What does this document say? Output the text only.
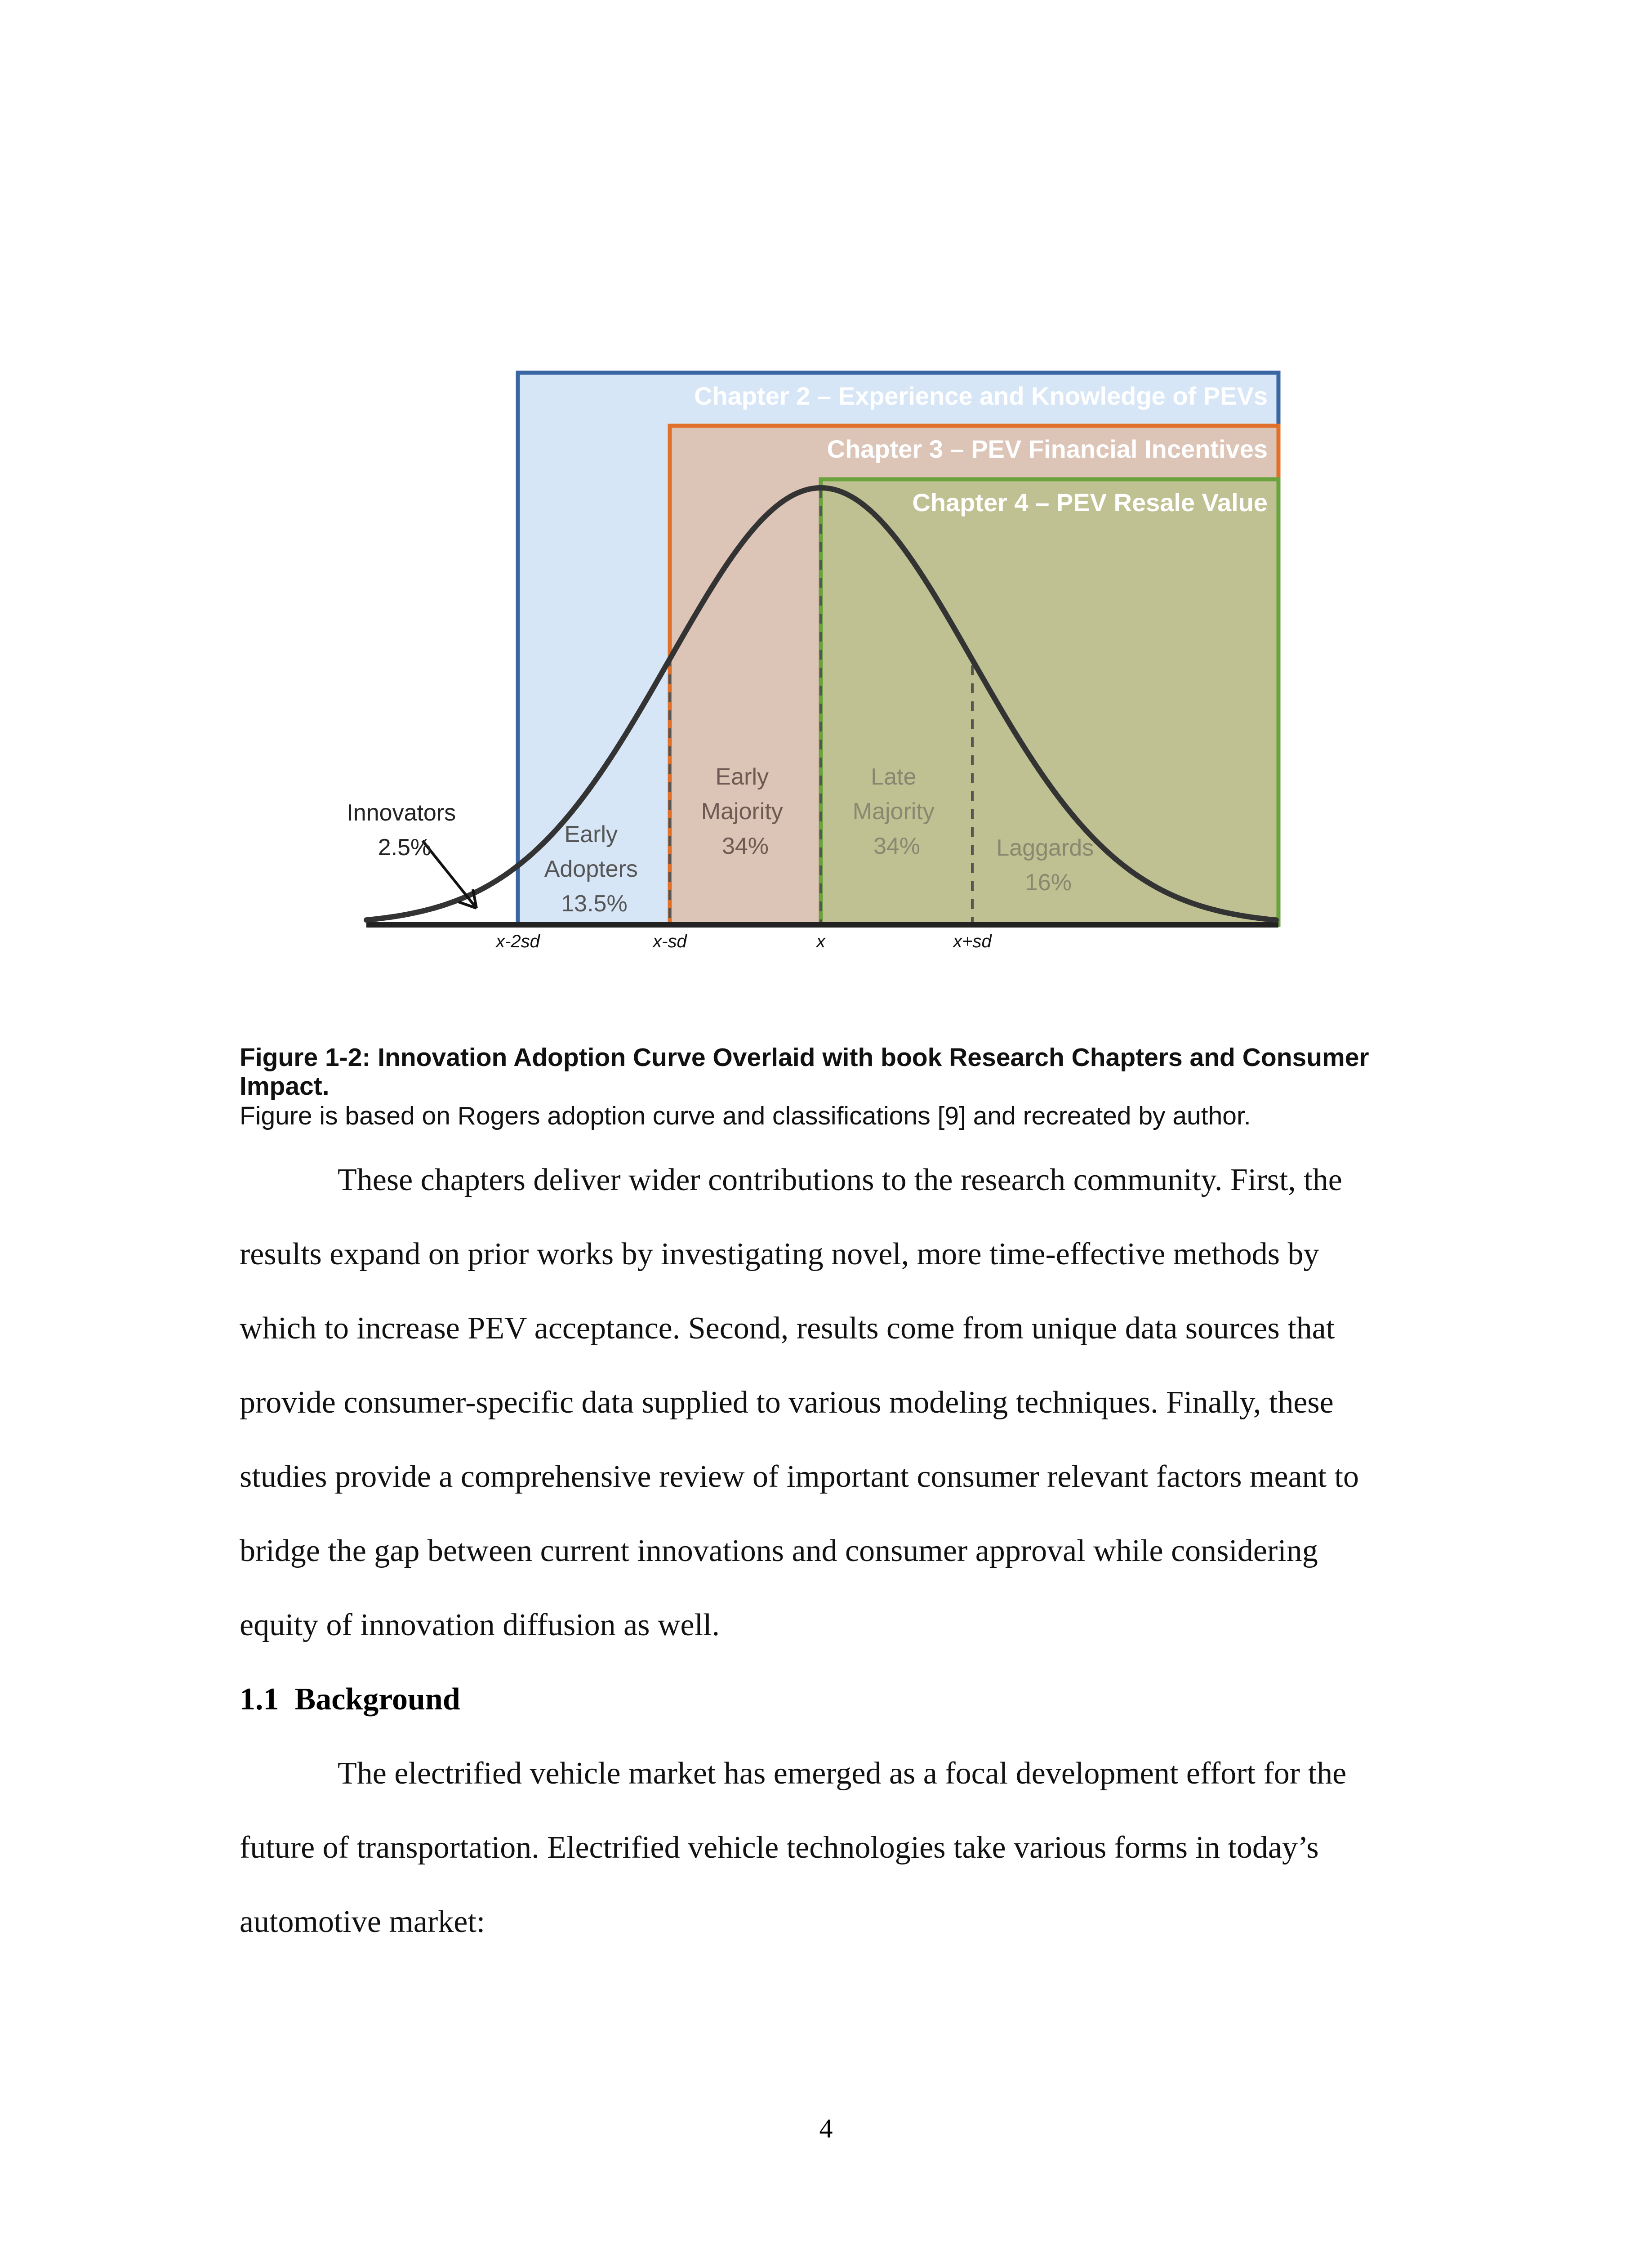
Chapter 2 – Experience and Knowledge of PEVs
Chapter 3 – PEV Financial Incentives
Chapter 4 – PEV Resale Value
Innovators 2.5%	Early Adopters 13.5%
Early Majority 34%
Late Majority 34%	Laggards 16%
x-2sd	x-sd	x	x+sd
Figure 1-2: Innovation Adoption Curve Overlaid with book Research Chapters and Consumer Impact.
Figure is based on Rogers adoption curve and classifications [9] and recreated by author.
These chapters deliver wider contributions to the research community. First, the
results expand on prior works by investigating novel, more time-effective methods by
which to increase PEV acceptance. Second, results come from unique data sources that
provide consumer-specific data supplied to various modeling techniques. Finally, these
studies provide a comprehensive review of important consumer relevant factors meant to
bridge the gap between current innovations and consumer approval while considering
equity of innovation diffusion as well.
1.1 Background
The electrified vehicle market has emerged as a focal development effort for the
future of transportation. Electrified vehicle technologies take various forms in today’s
automotive market:
4
